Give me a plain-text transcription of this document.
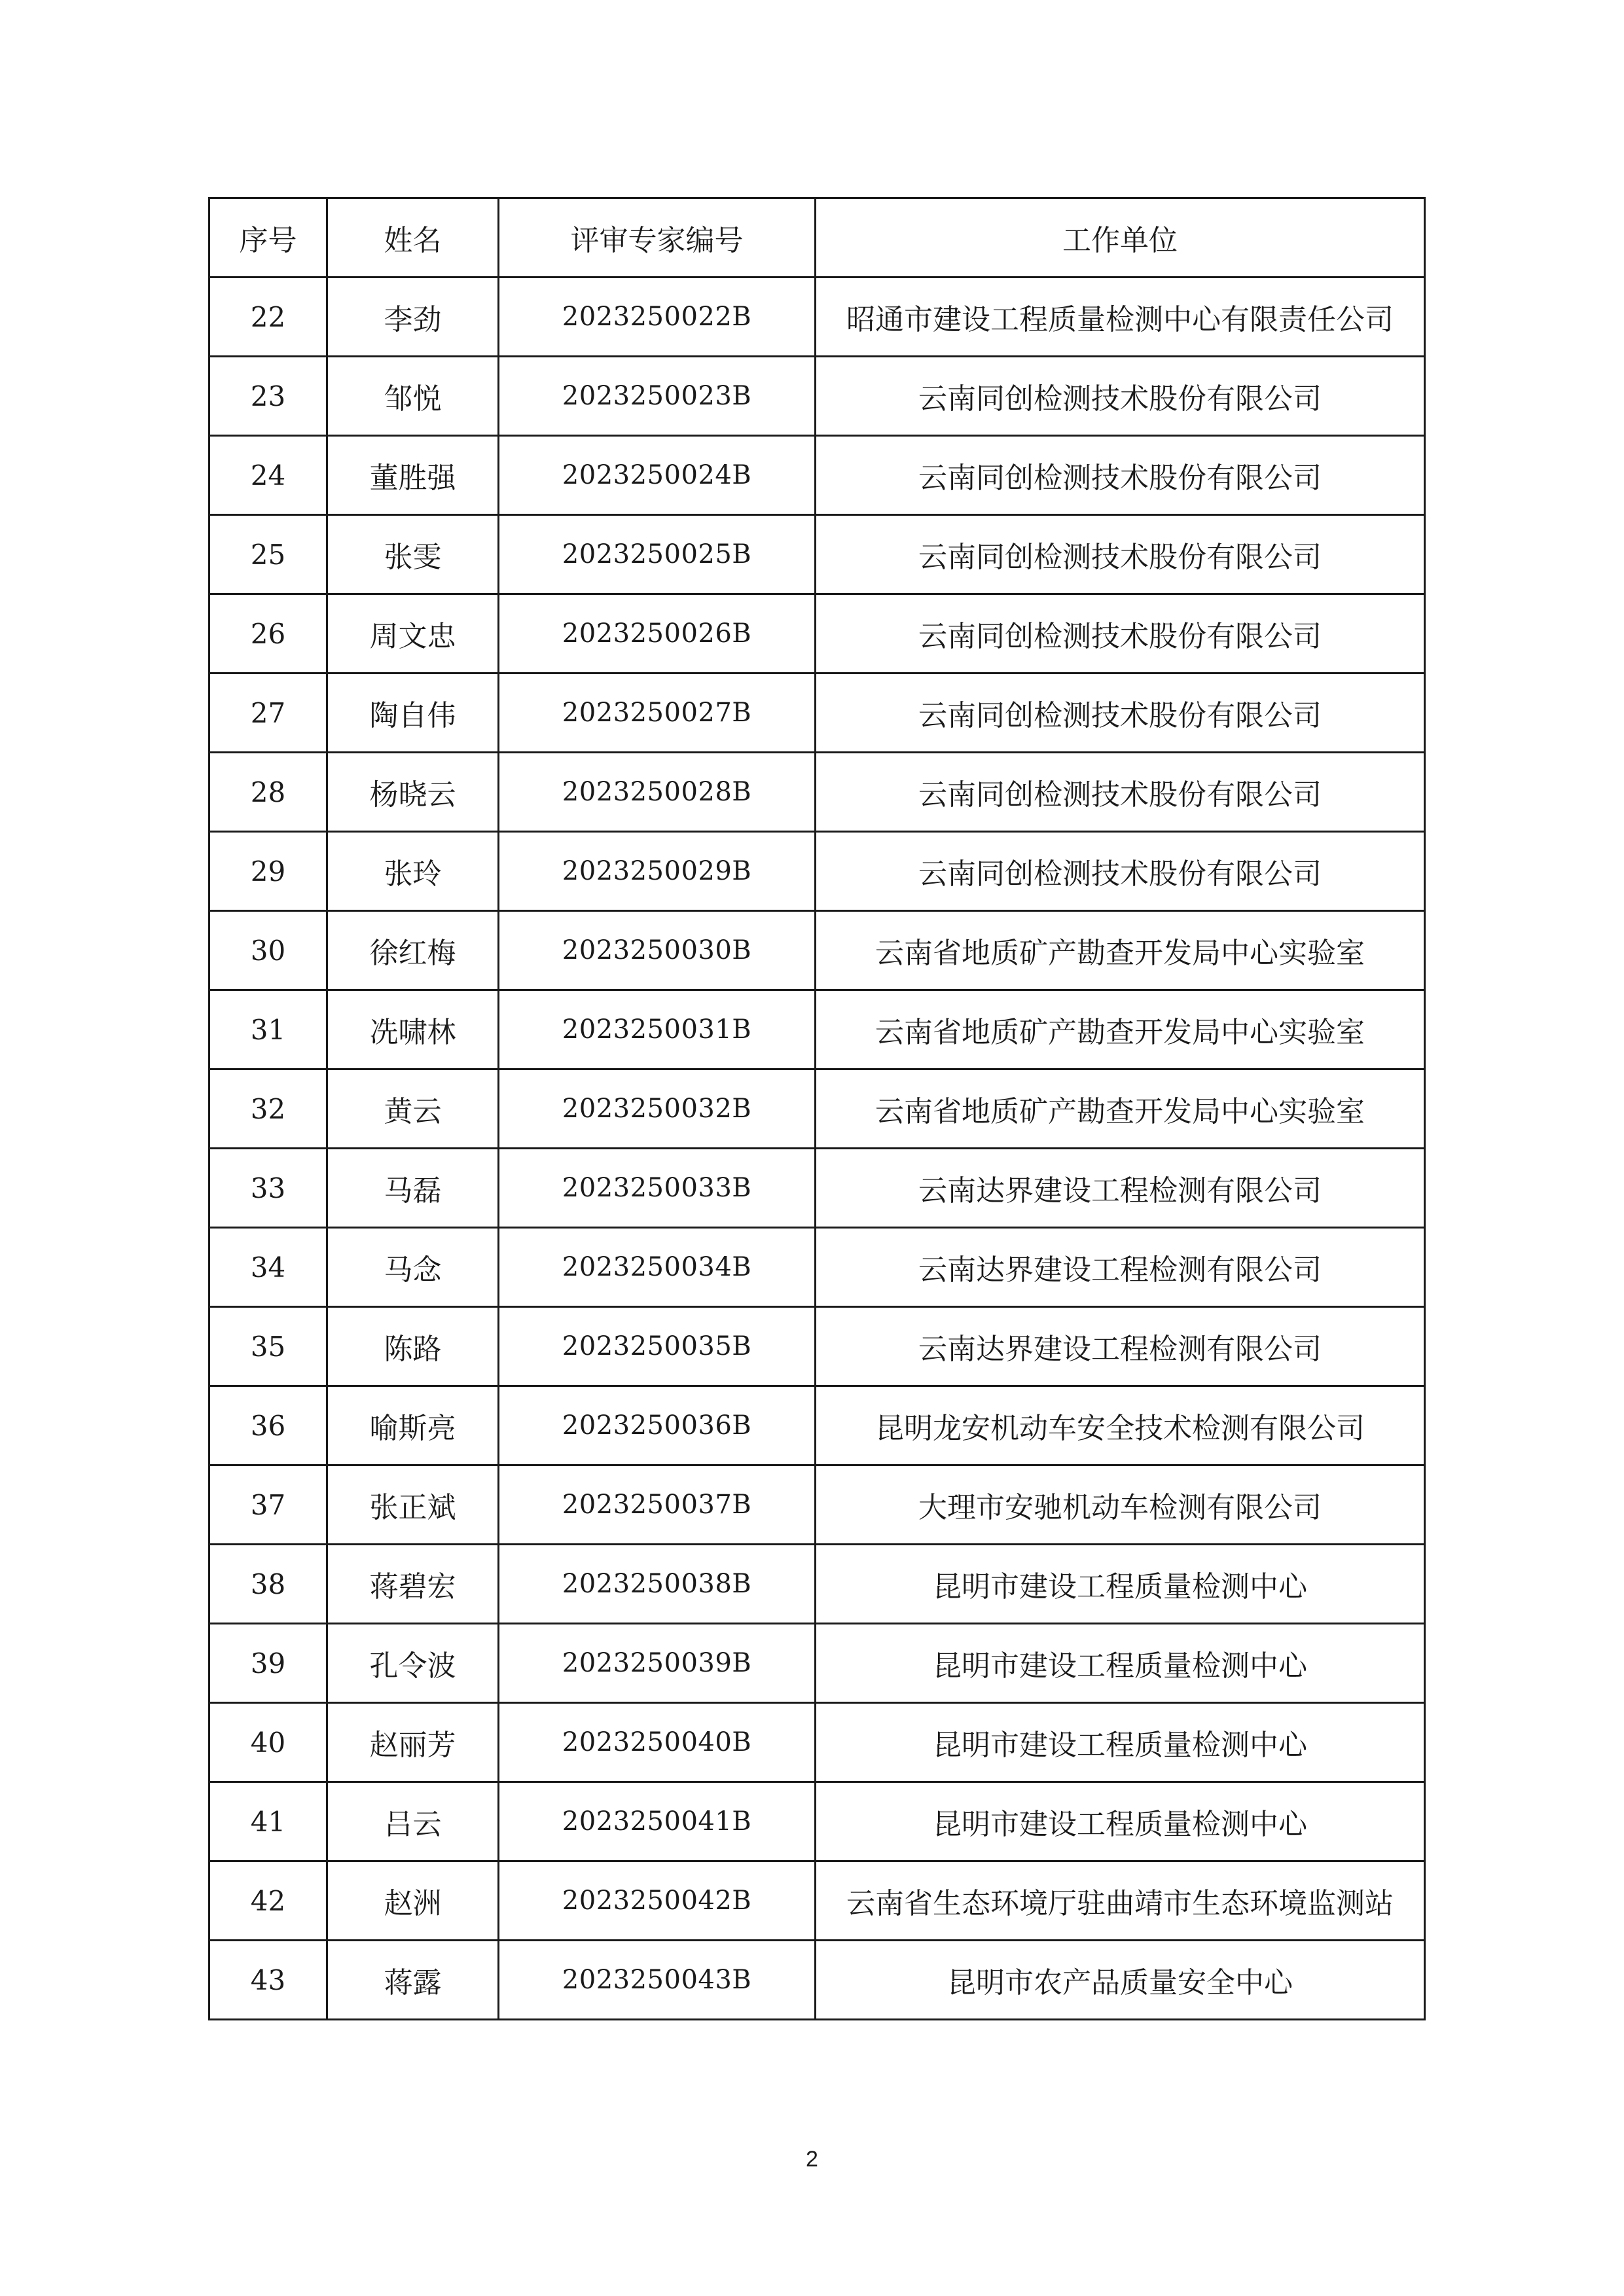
序号	姓名	评审专家编号	工作单位
22	李劲	2023250022B	昭通市建设工程质量检测中心有限责任公司
23	邹悦	2023250023B	云南同创检测技术股份有限公司
24	董胜强	2023250024B	云南同创检测技术股份有限公司
25	张雯	2023250025B	云南同创检测技术股份有限公司
26	周文忠	2023250026B	云南同创检测技术股份有限公司
27	陶自伟	2023250027B	云南同创检测技术股份有限公司
28	杨晓云	2023250028B	云南同创检测技术股份有限公司
29	张玲	2023250029B	云南同创检测技术股份有限公司
30	徐红梅	2023250030B	云南省地质矿产勘查开发局中心实验室
31	冼啸林	2023250031B	云南省地质矿产勘查开发局中心实验室
32	黄云	2023250032B	云南省地质矿产勘查开发局中心实验室
33	马磊	2023250033B	云南达界建设工程检测有限公司
34	马念	2023250034B	云南达界建设工程检测有限公司
35	陈路	2023250035B	云南达界建设工程检测有限公司
36	喻斯亮	2023250036B	昆明龙安机动车安全技术检测有限公司
37	张正斌	2023250037B	大理市安驰机动车检测有限公司
38	蒋碧宏	2023250038B	昆明市建设工程质量检测中心
39	孔令波	2023250039B	昆明市建设工程质量检测中心
40	赵丽芳	2023250040B	昆明市建设工程质量检测中心
41	吕云	2023250041B	昆明市建设工程质量检测中心
42	赵洲	2023250042B	云南省生态环境厅驻曲靖市生态环境监测站
43	蒋露	2023250043B	昆明市农产品质量安全中心
2
